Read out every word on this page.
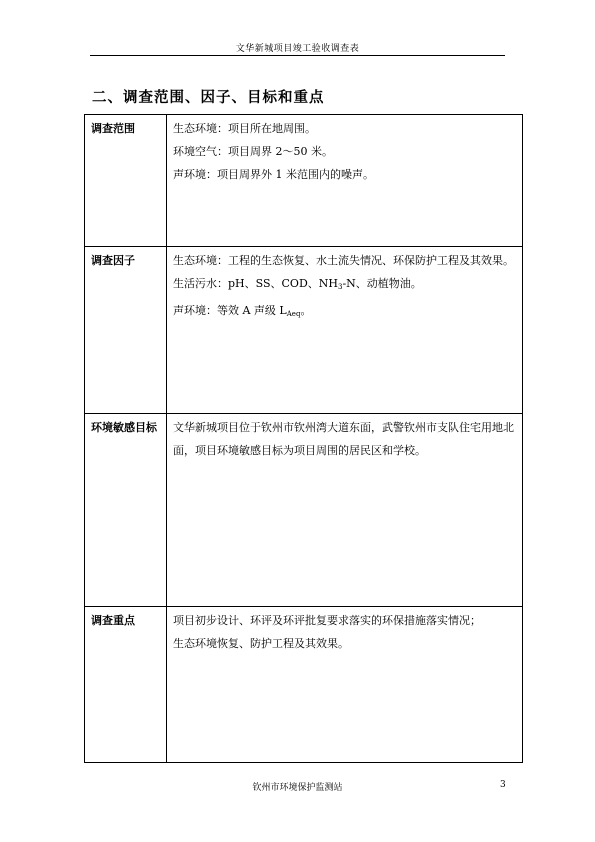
文华新城项目竣工验收调查表
二、调查范围、因子、目标和重点
调查范围	生态环境：项目所在地周围。

环境空气：项目周界 2～50 米。

声环境：项目周界外 1 米范围内的噪声。

调查因子	生态环境：工程的生态恢复、水土流失情况、环保防护工程及其效果。

生活污水：pH、SS、COD、$NH_3-N$、动植物油。

声环境：等效 A 声级 $L_{Aeq}$。

环境敏感目标	文华新城项目位于钦州市钦州湾大道东面，武警钦州市支队住宅用地北面，项目环境敏感目标为项目周围的居民区和学校。

调查重点	项目初步设计、环评及环评批复要求落实的环保措施落实情况；

生态环境恢复、防护工程及其效果。

钦州市环境保护监测站	3
